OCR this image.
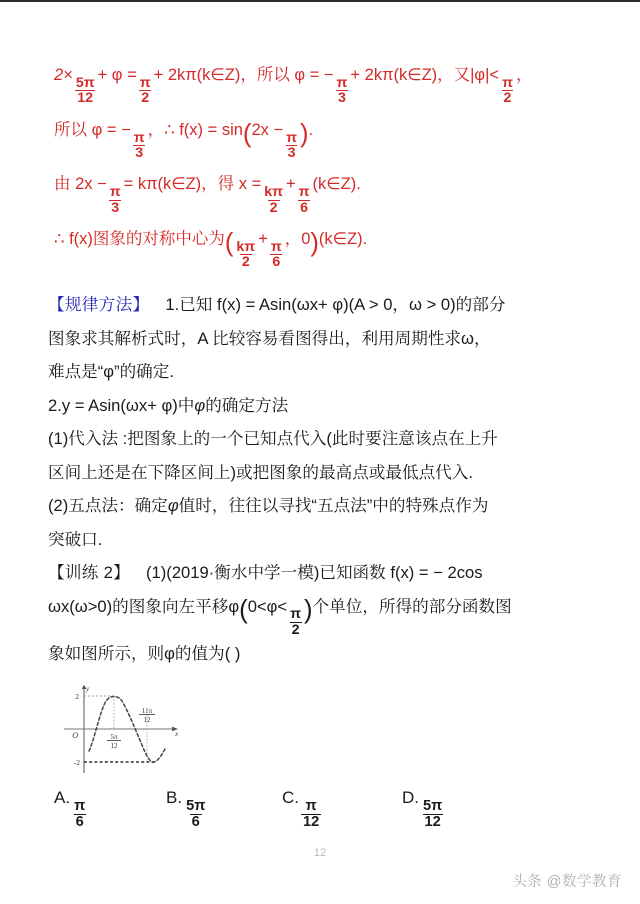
2×
$\frac{5\pi}{12}$
+ φ =
$\frac{\pi}{2}$
+ 2kπ(k∈Z)，所以 φ = −
$\frac{\pi}{3}$
+ 2kπ(k∈Z)，又|φ|<
$\frac{\pi}{2}$
，
所以 φ = −
$\frac{\pi}{3}$
，∴ f(x) = sin(2x −
$\frac{\pi}{3}$ ).
由 2x −
$\frac{\pi}{3}$
= kπ(k∈Z)，得 x =
$\frac{k\pi}{2}$
+
$\frac{\pi}{6}$
(k∈Z).
∴ f(x)图象的对称中心为( $\frac{k\pi}{2}$
+
$\frac{\pi}{6}$
，0)(k∈Z).
【规律方法】 1.已知 f(x) = Asin(ωx+ φ)(A > 0，ω > 0)的部分
图象求其解析式时，A 比较容易看图得出，利用周期性求ω，
难点是“φ”的确定.
2.y = Asin(ωx+ φ)中φ的确定方法
(1)代入法 :把图象上的一个已知点代入(此时要注意该点在上升
区间上还是在下降区间上)或把图象的最高点或最低点代入.
(2)五点法：确定φ值时，往往以寻找“五点法”中的特殊点作为
突破口.
【训练 2】 (1)(2019·衡水中学一模)已知函数 f(x) = − 2cos
ωx(ω>0)的图象向左平移φ(0<φ<
$\frac{\pi}{2}$ )个单位，所得的部分函数图
象如图所示，则φ的值为( )
2
-2
O	x
y
5π
12
11π
12
A.
$\frac{\pi}{6}$
B.
$\frac{5\pi}{6}$
C.
$\frac{\pi}{12}$
D.
$\frac{5\pi}{12}$
12
头条 @数学教育
